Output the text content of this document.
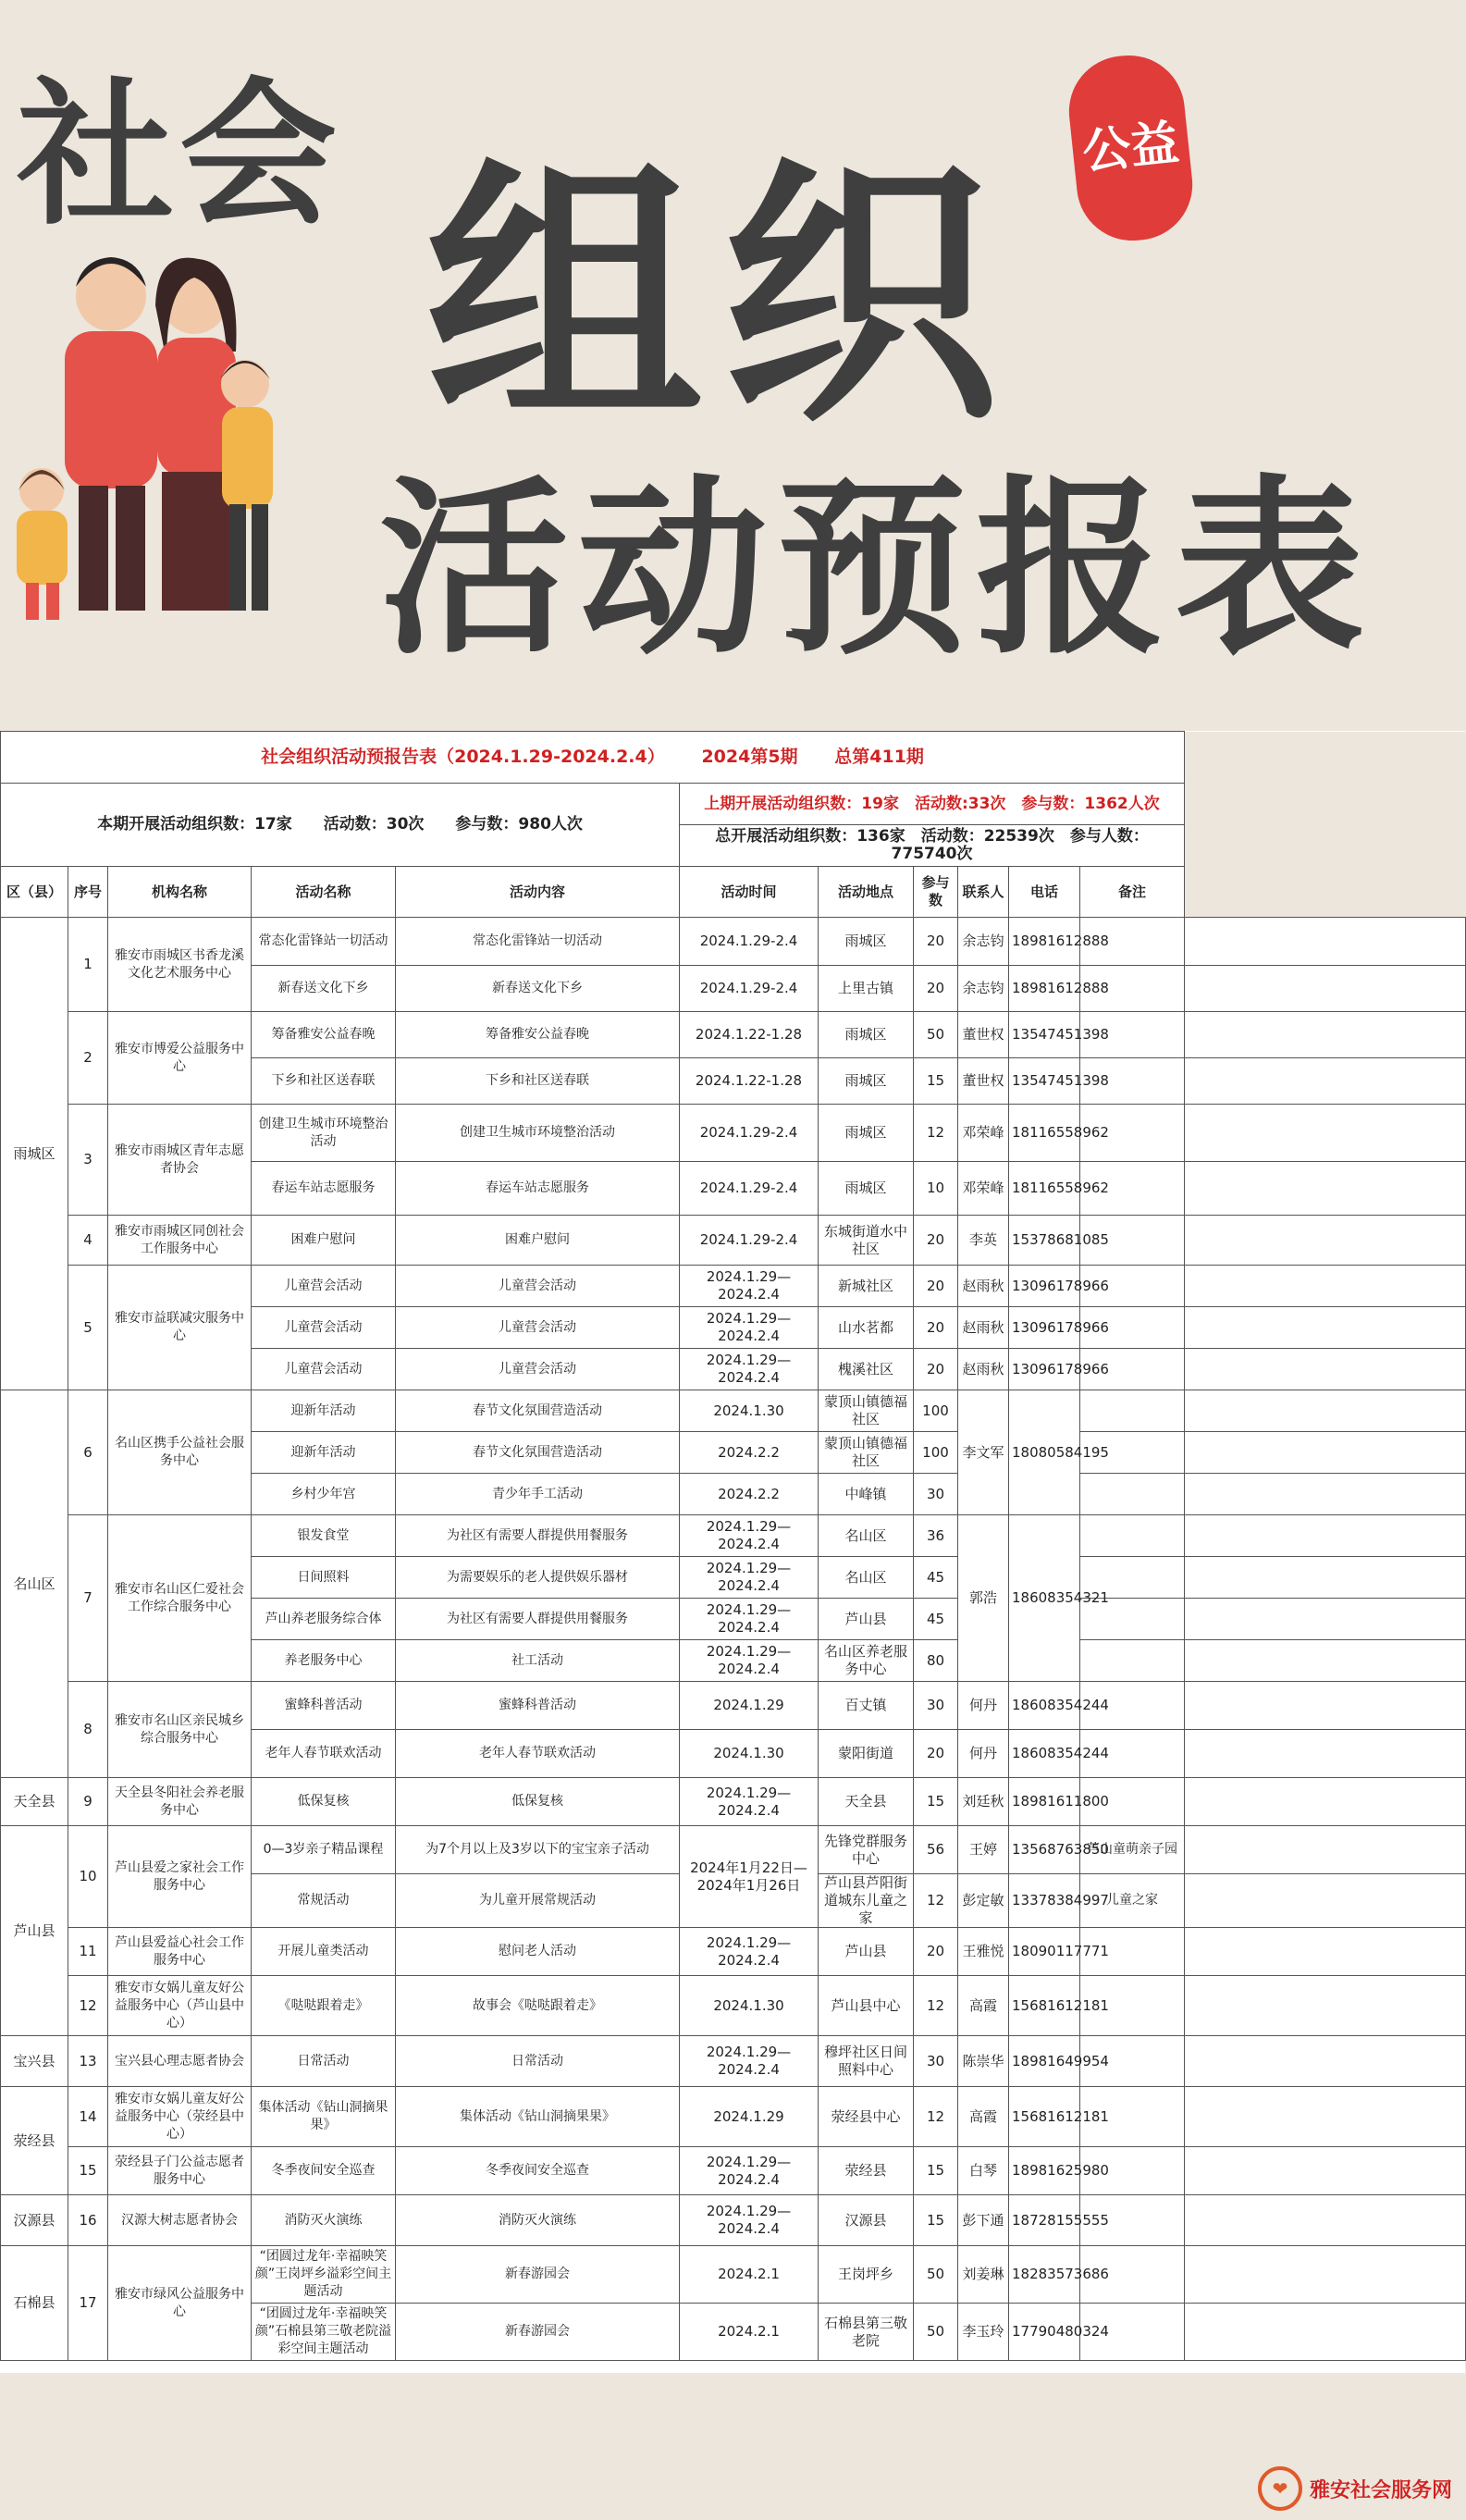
社会 组织
活动预报表
公益
社会组织活动预报告表（2024.1.29-2024.2.4） 2024第5期 总第411期											
本期开展活动组织数：17家　　活动数：30次　　参与数：980人次					上期开展活动组织数：19家　活动数:33次　参与数：1362人次						
					总开展活动组织数：136家　活动数：22539次　参与人数：775740次						
区（县）	序号	机构名称	活动名称	活动内容	活动时间	活动地点	参与数	联系人	电话	备注	
雨城区	1	雅安市雨城区书香龙溪文化艺术服务中心	常态化雷锋站一切活动	常态化雷锋站一切活动	2024.1.29-2.4	雨城区	20	余志钧	18981612888		
			新春送文化下乡	新春送文化下乡	2024.1.29-2.4	上里古镇	20	余志钧	18981612888		
	2	雅安市博爱公益服务中心	筹备雅安公益春晚	筹备雅安公益春晚	2024.1.22-1.28	雨城区	50	董世权	13547451398		
			下乡和社区送春联	下乡和社区送春联	2024.1.22-1.28	雨城区	15	董世权	13547451398		
	3	雅安市雨城区青年志愿者协会	创建卫生城市环境整治活动	创建卫生城市环境整治活动	2024.1.29-2.4	雨城区	12	邓荣峰	18116558962		
			春运车站志愿服务	春运车站志愿服务	2024.1.29-2.4	雨城区	10	邓荣峰	18116558962		
	4	雅安市雨城区同创社会工作服务中心	困难户慰问	困难户慰问	2024.1.29-2.4	东城街道水中社区	20	李英	15378681085		
	5	雅安市益联减灾服务中心	儿童营会活动	儿童营会活动	2024.1.29—2024.2.4	新城社区	20	赵雨秋	13096178966		
			儿童营会活动	儿童营会活动	2024.1.29—2024.2.4	山水茗都	20	赵雨秋	13096178966		
			儿童营会活动	儿童营会活动	2024.1.29—2024.2.4	槐溪社区	20	赵雨秋	13096178966		
名山区	6	名山区携手公益社会服务中心	迎新年活动	春节文化氛围营造活动	2024.1.30	蒙顶山镇德福社区	100	李文军	18080584195		
			迎新年活动	春节文化氛围营造活动	2024.2.2	蒙顶山镇德福社区	100				
			乡村少年宫	青少年手工活动	2024.2.2	中峰镇	30				
	7	雅安市名山区仁爱社会工作综合服务中心	银发食堂	为社区有需要人群提供用餐服务	2024.1.29—2024.2.4	名山区	36	郭浩	18608354321		
			日间照料	为需要娱乐的老人提供娱乐器材	2024.1.29—2024.2.4	名山区	45				
			芦山养老服务综合体	为社区有需要人群提供用餐服务	2024.1.29—2024.2.4	芦山县	45				
			养老服务中心	社工活动	2024.1.29—2024.2.4	名山区养老服务中心	80				
	8	雅安市名山区亲民城乡综合服务中心	蜜蜂科普活动	蜜蜂科普活动	2024.1.29	百丈镇	30	何丹	18608354244		
			老年人春节联欢活动	老年人春节联欢活动	2024.1.30	蒙阳街道	20	何丹	18608354244		
天全县	9	天全县冬阳社会养老服务中心	低保复核	低保复核	2024.1.29—2024.2.4	天全县	15	刘廷秋	18981611800		
芦山县	10	芦山县爱之家社会工作服务中心	0—3岁亲子精品课程	为7个月以上及3岁以下的宝宝亲子活动	2024年1月22日—2024年1月26日	先锋党群服务中心	56	王婷	13568763850	芦山童萌亲子园	
			常规活动	为儿童开展常规活动		芦山县芦阳街道城东儿童之家	12	彭定敏	13378384997	儿童之家	
	11	芦山县爱益心社会工作服务中心	开展儿童类活动	慰问老人活动	2024.1.29—2024.2.4	芦山县	20	王雅悦	18090117771		
	12	雅安市女娲儿童友好公益服务中心（芦山县中心）	《哒哒跟着走》	故事会《哒哒跟着走》	2024.1.30	芦山县中心	12	高霞	15681612181		
宝兴县	13	宝兴县心理志愿者协会	日常活动	日常活动	2024.1.29—2024.2.4	穆坪社区日间照料中心	30	陈崇华	18981649954		
荥经县	14	雅安市女娲儿童友好公益服务中心（荥经县中心）	集体活动《钻山洞摘果果》	集体活动《钻山洞摘果果》	2024.1.29	荥经县中心	12	高霞	15681612181		
	15	荥经县子门公益志愿者服务中心	冬季夜间安全巡查	冬季夜间安全巡查	2024.1.29—2024.2.4	荥经县	15	白琴	18981625980		
汉源县	16	汉源大树志愿者协会	消防灭火演练	消防灭火演练	2024.1.29—2024.2.4	汉源县	15	彭下通	18728155555		
石棉县	17	雅安市绿风公益服务中心	“团圆过龙年·幸福映笑颜”王岗坪乡溢彩空间主题活动	新春游园会	2024.2.1	王岗坪乡	50	刘姜琳	18283573686		
			“团圆过龙年·幸福映笑颜”石棉县第三敬老院溢彩空间主题活动	新春游园会	2024.2.1	石棉县第三敬老院	50	李玉玲	17790480324		
❤	雅安社会服务网
